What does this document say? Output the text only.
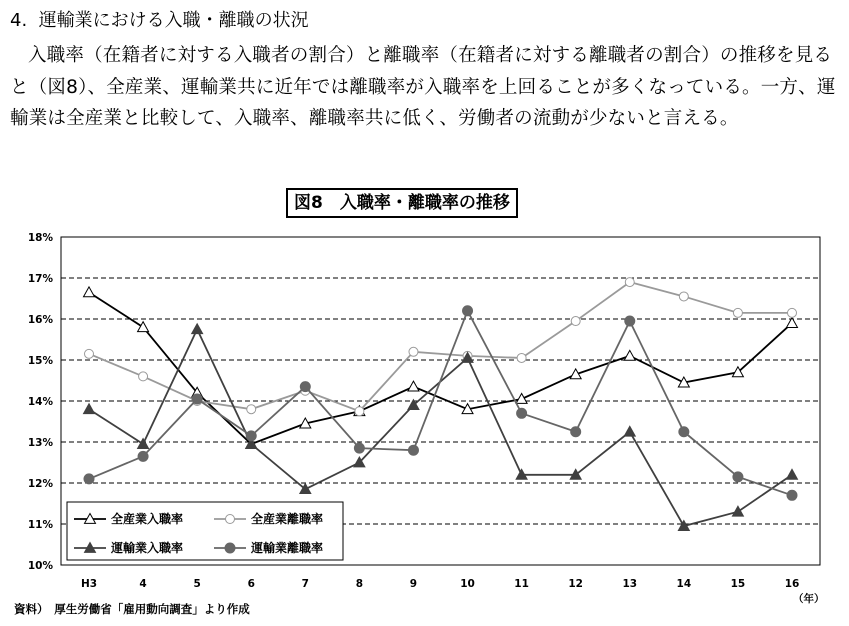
4. 運輸業における入職・離職の状況
入職率（在籍者に対する入職者の割合）と離職率（在籍者に対する離職者の割合）の推移を見ると（図8）、全産業、運輸業共に近年では離職率が入職率を上回ることが多くなっている。一方、運輸業は全産業と比較して、入職率、離職率共に低く、労働者の流動が少ないと言える。
図8　入職率・離職率の推移
10%
11%
12%
13%
14%
15%
16%
17%
18%
H3	4	5	6	7	8	9	10	11	12	13	14	15	16
全産業入職率	全産業離職率
運輸業入職率	運輸業離職率
（年）
資料）　厚生労働省「雇用動向調査」より作成
